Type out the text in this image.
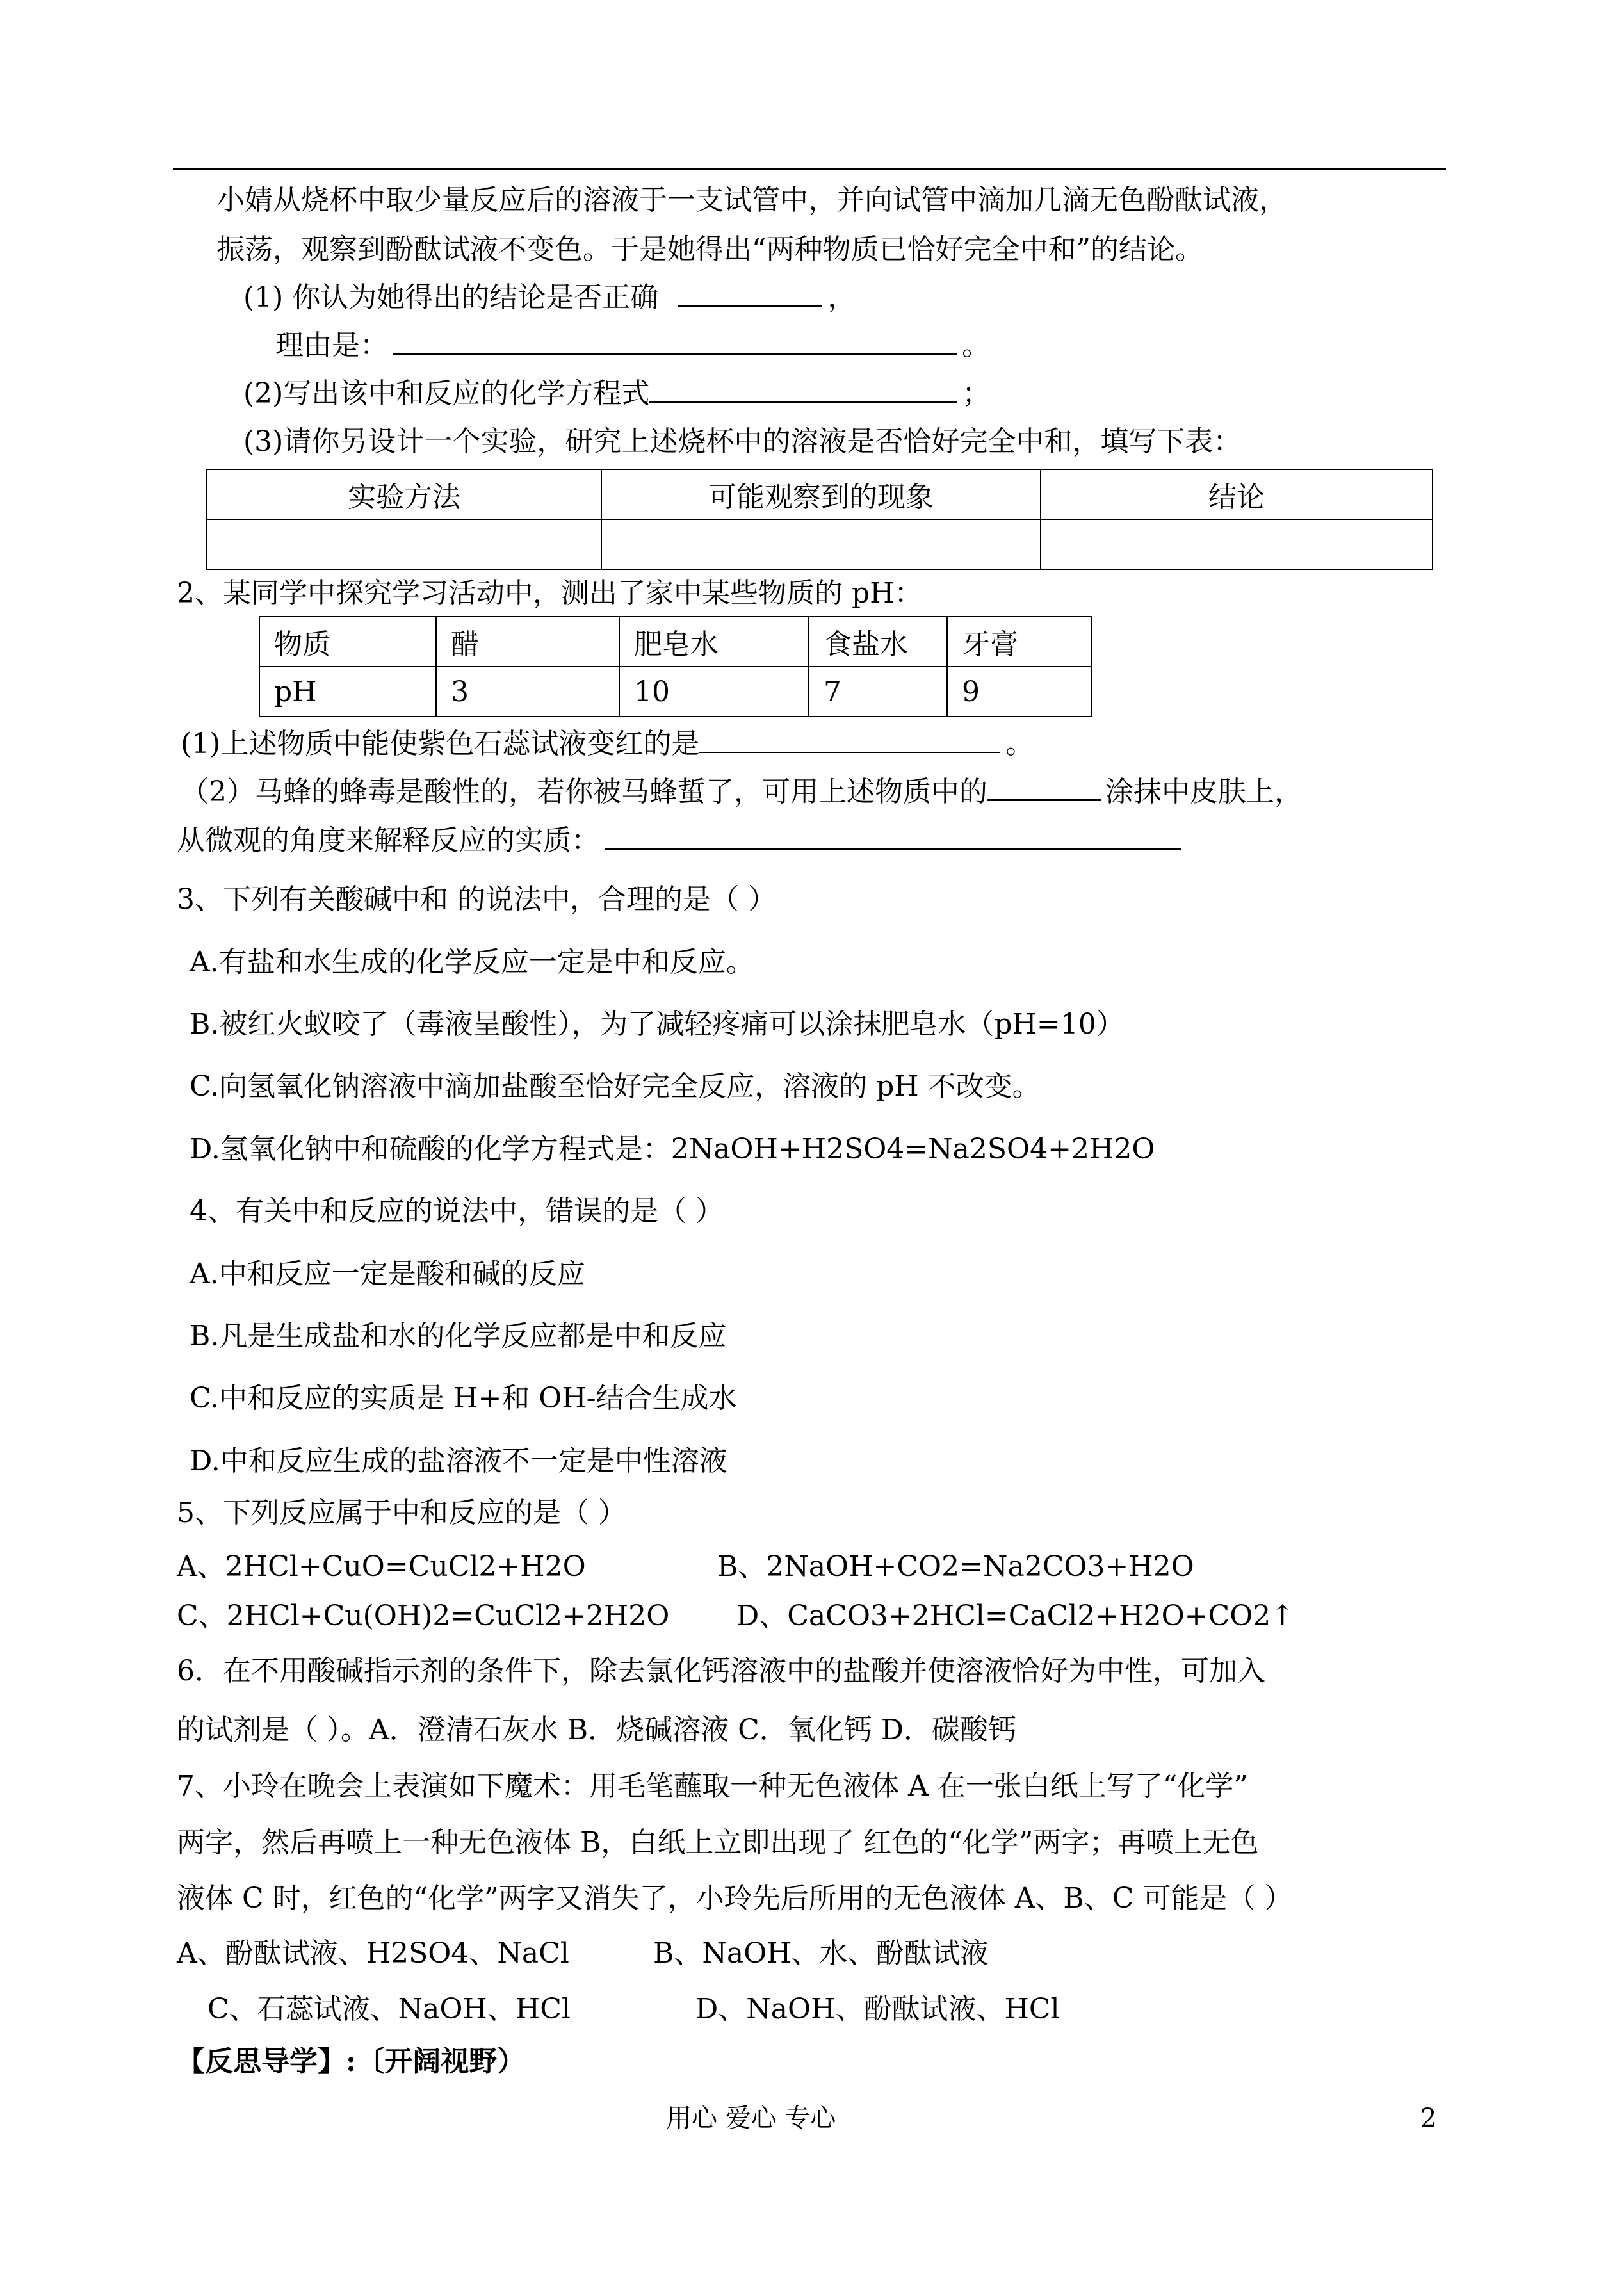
小婧从烧杯中取少量反应后的溶液于一支试管中，并向试管中滴加几滴无色酚酞试液，
振荡，观察到酚酞试液不变色。于是她得出“两种物质已恰好完全中和”的结论。
(1) 你认为她得出的结论是否正确	，
理由是：	。
(2)写出该中和反应的化学方程式	；
(3)请你另设计一个实验，研究上述烧杯中的溶液是否恰好完全中和，填写下表：
实验方法	可能观察到的现象	结论

2、某同学中探究学习活动中，测出了家中某些物质的 pH：
物质	醋	肥皂水	食盐水	牙膏
pH	3	10	7	9
(1)上述物质中能使紫色石蕊试液变红的是	。
（2）马蜂的蜂毒是酸性的，若你被马蜂蜇了，可用上述物质中的	涂抹中皮肤上，
从微观的角度来解释反应的实质：
3、下列有关酸碱中和 的说法中，合理的是（ ）
A.有盐和水生成的化学反应一定是中和反应。
B.被红火蚁咬了（毒液呈酸性），为了减轻疼痛可以涂抹肥皂水（pH=10）
C.向氢氧化钠溶液中滴加盐酸至恰好完全反应，溶液的 pH 不改变。
D.氢氧化钠中和硫酸的化学方程式是：2NaOH+H2SO4=Na2SO4+2H2O
4、有关中和反应的说法中，错误的是（ ）
A.中和反应一定是酸和碱的反应
B.凡是生成盐和水的化学反应都是中和反应
C.中和反应的实质是 H+和 OH-结合生成水
D.中和反应生成的盐溶液不一定是中性溶液
5、下列反应属于中和反应的是（ ）
A、2HCl+CuO=CuCl2+H2O	B、2NaOH+CO2=Na2CO3+H2O
C、2HCl+Cu(OH)2=CuCl2+2H2O D、CaCO3+2HCl=CaCl2+H2O+CO2↑
6．在不用酸碱指示剂的条件下，除去氯化钙溶液中的盐酸并使溶液恰好为中性，可加入
的试剂是（ ）。A．澄清石灰水 B．烧碱溶液 C．氧化钙 D．碳酸钙
7、小玲在晚会上表演如下魔术：用毛笔蘸取一种无色液体 A 在一张白纸上写了“化学”
两字，然后再喷上一种无色液体 B，白纸上立即出现了 红色的“化学”两字；再喷上无色
液体 C 时，红色的“化学”两字又消失了，小玲先后所用的无色液体 A、B、C 可能是（ ）
A、酚酞试液、H2SO4、NaCl	B、NaOH、水、酚酞试液
C、石蕊试液、NaOH、HCl	D、NaOH、酚酞试液、HCl
【反思导学】:〔开阔视野）
用心 爱心 专心	2
